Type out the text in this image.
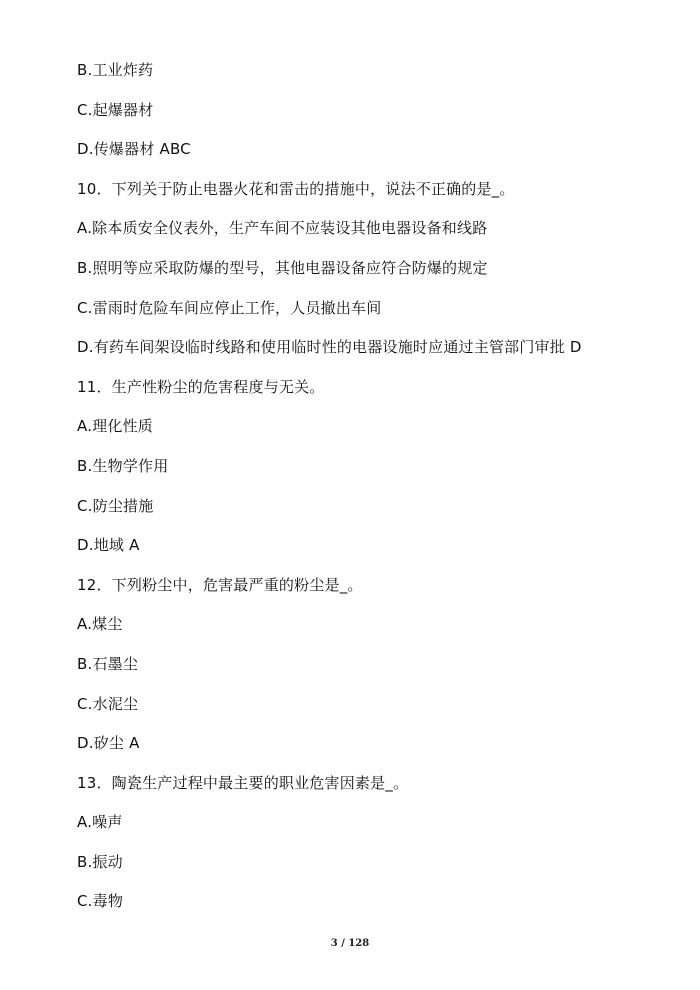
B.工业炸药
C.起爆器材
D.传爆器材 ABC
10．下列关于防止电器火花和雷击的措施中，说法不正确的是_。
A.除本质安全仪表外，生产车间不应装设其他电器设备和线路
B.照明等应采取防爆的型号，其他电器设备应符合防爆的规定
C.雷雨时危险车间应停止工作，人员撤出车间
D.有药车间架设临时线路和使用临时性的电器设施时应通过主管部门审批 D
11．生产性粉尘的危害程度与无关。
A.理化性质
B.生物学作用
C.防尘措施
D.地域 A
12．下列粉尘中，危害最严重的粉尘是_。
A.煤尘
B.石墨尘
C.水泥尘
D.矽尘 A
13．陶瓷生产过程中最主要的职业危害因素是_。
A.噪声
B.振动
C.毒物
3 / 128
